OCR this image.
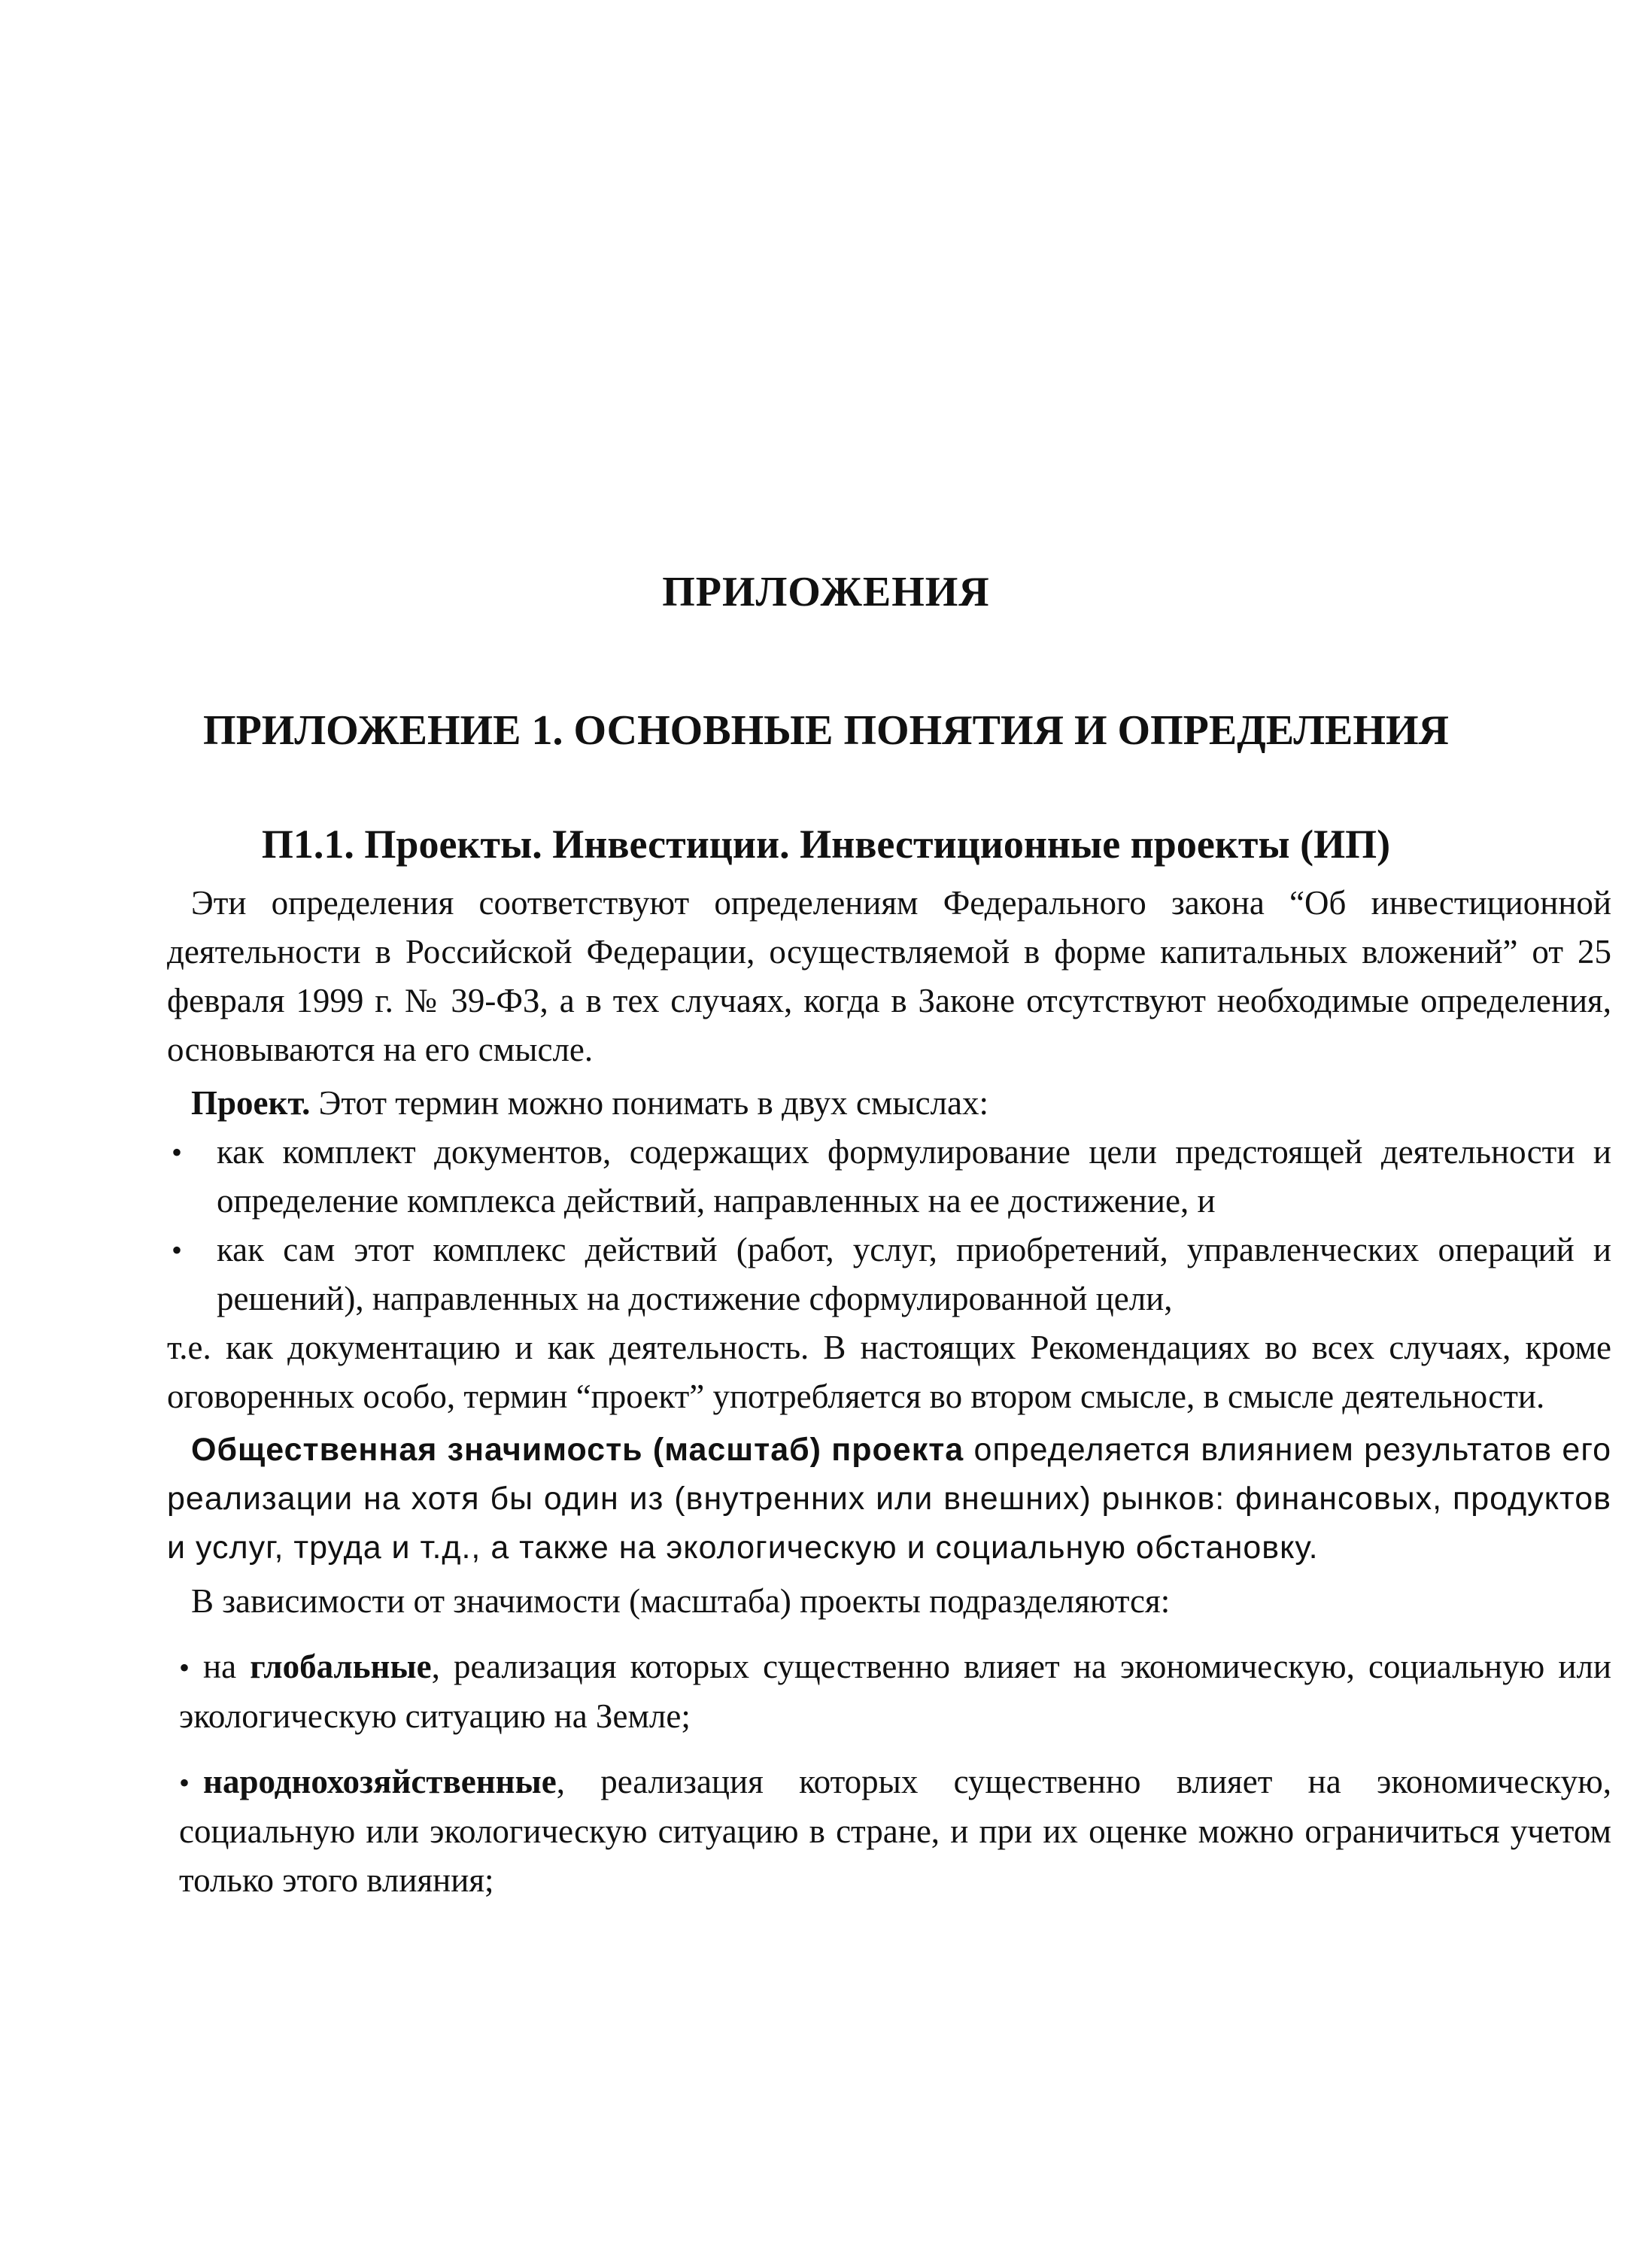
ПРИЛОЖЕНИЯ
ПРИЛОЖЕНИЕ 1. ОСНОВНЫЕ ПОНЯТИЯ И ОПРЕДЕЛЕНИЯ
П1.1. Проекты. Инвестиции. Инвестиционные проекты (ИП)

Эти определения соответствуют определениям Федерального закона “Об инвестиционной деятельности в Российской Федерации, осуществляемой в форме капитальных вложений” от 25 февраля 1999 г. № 39-ФЗ, а в тех случаях, когда в Законе отсутствуют необходимые определения, основываются на его смысле.

Проект. Этот термин можно понимать в двух смыслах:

• как комплект документов, содержащих формулирование цели предстоящей деятельности и определение комплекса действий, направленных на ее достижение, и

• как сам этот комплекс действий (работ, услуг, приобретений, управленческих операций и решений), направленных на достижение сформулированной цели,

т.е. как документацию и как деятельность. В настоящих Рекомендациях во всех случаях, кроме оговоренных особо, термин “проект” употребляется во втором смысле, в смысле деятельности.

Общественная значимость (масштаб) проекта определяется влиянием результатов его реализации на хотя бы один из (внутренних или внешних) рынков: финансовых, продуктов и услуг, труда и т.д., а также на экологическую и социальную обстановку.

В зависимости от значимости (масштаба) проекты подразделяются:

• на глобальные, реализация которых существенно влияет на экономическую, социальную или экологическую ситуацию на Земле;

• народнохозяйственные, реализация которых существенно влияет на экономическую, социальную или экологическую ситуацию в стране, и при их оценке можно ограничиться учетом только этого влияния;
